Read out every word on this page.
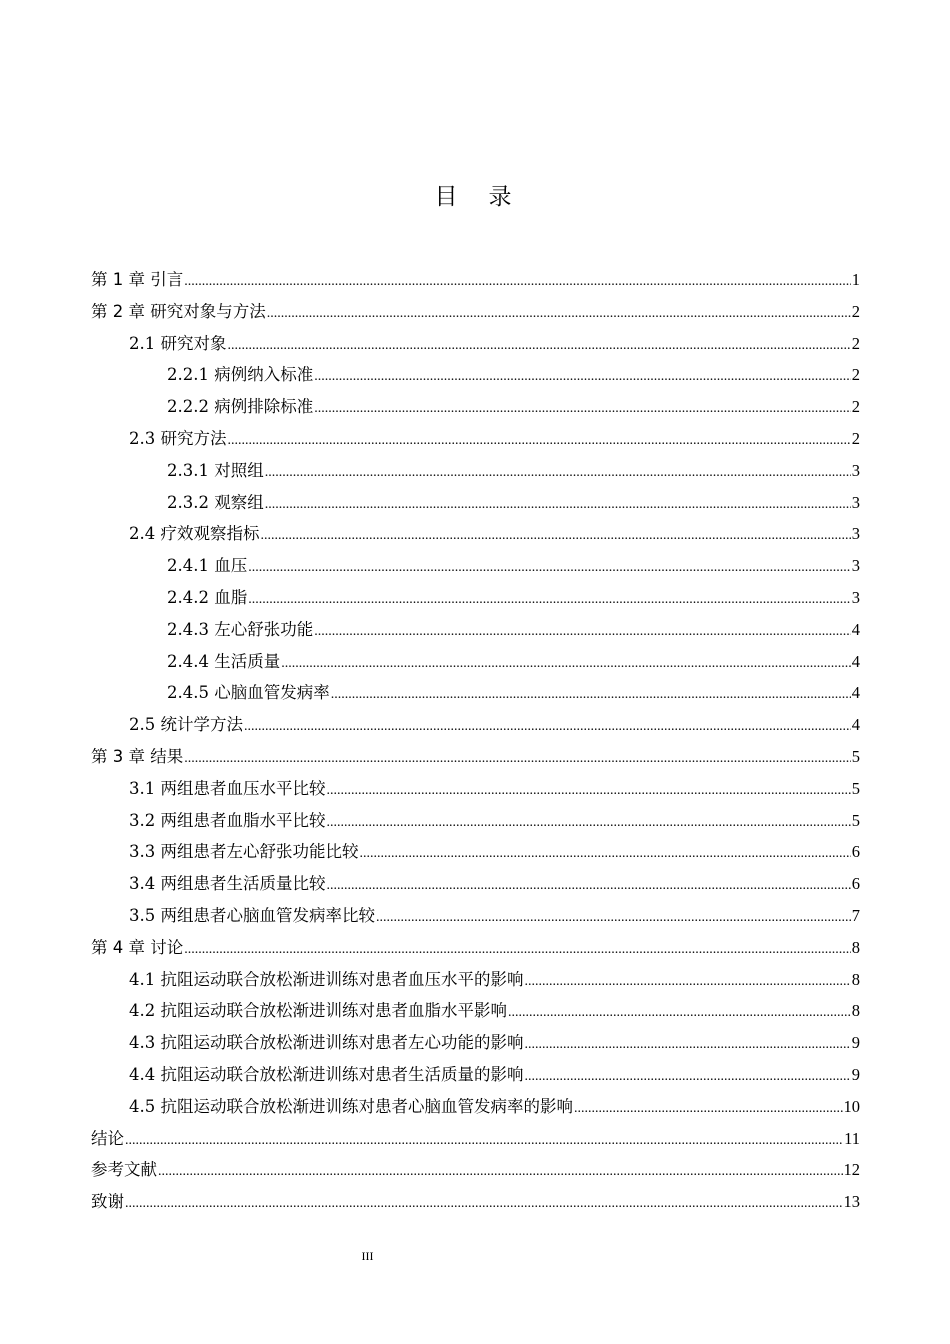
目　录
第 1 章 引言 .....	1
第 2 章 研究对象与方法 .....	2
2.1 研究对象 .....	2
2.2.1 病例纳入标准 .....	2
2.2.2 病例排除标准 .....	2
2.3 研究方法 .....	2
2.3.1 对照组 .....	3
2.3.2 观察组 .....	3
2.4 疗效观察指标 .....	3
2.4.1 血压 .....	3
2.4.2 血脂 .....	3
2.4.3 左心舒张功能 .....	4
2.4.4 生活质量 .....	4
2.4.5 心脑血管发病率 .....	4
2.5 统计学方法 .....	4
第 3 章 结果 .....	5
3.1 两组患者血压水平比较 .....	5
3.2 两组患者血脂水平比较 .....	5
3.3 两组患者左心舒张功能比较 .....	6
3.4 两组患者生活质量比较 .....	6
3.5 两组患者心脑血管发病率比较 .....	7
第 4 章 讨论 .....	8
4.1 抗阻运动联合放松渐进训练对患者血压水平的影响 .....	8
4.2 抗阻运动联合放松渐进训练对患者血脂水平影响 .....	8
4.3 抗阻运动联合放松渐进训练对患者左心功能的影响 .....	9
4.4 抗阻运动联合放松渐进训练对患者生活质量的影响 .....	9
4.5 抗阻运动联合放松渐进训练对患者心脑血管发病率的影响 .....	10
结论 .....	11
参考文献 .....	12
致谢 .....	13
III
